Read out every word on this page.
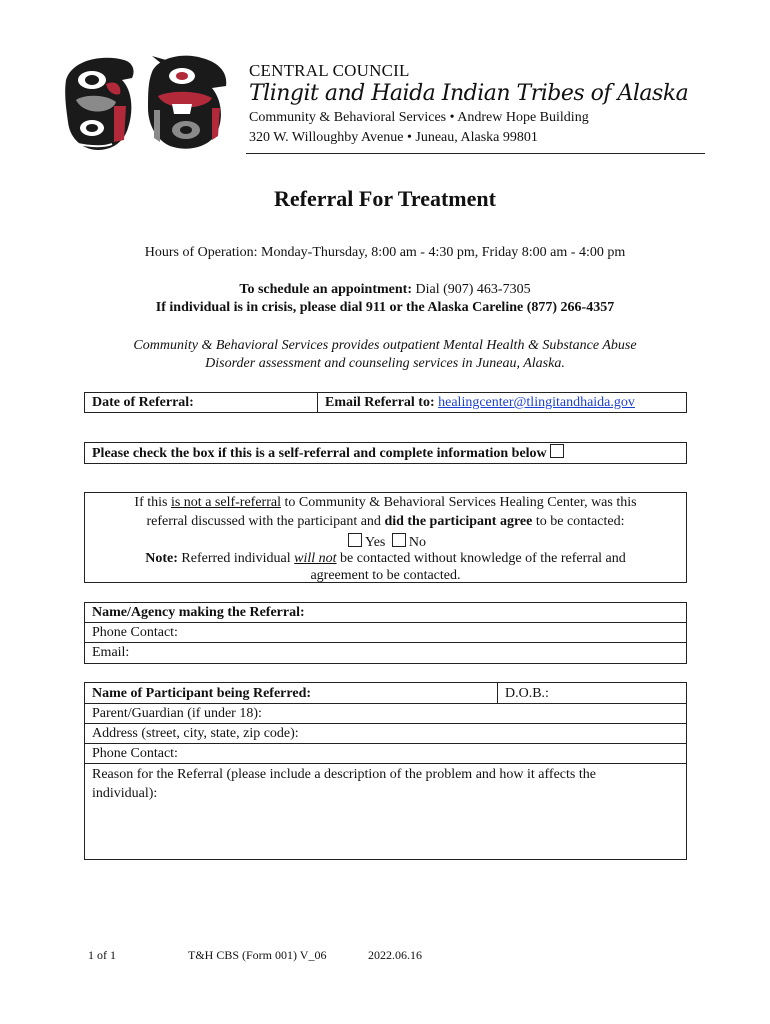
CENTRAL COUNCIL
Tlingit and Haida Indian Tribes of Alaska
Community & Behavioral Services • Andrew Hope Building
320 W. Willoughby Avenue • Juneau, Alaska 99801
Referral For Treatment
Hours of Operation: Monday-Thursday, 8:00 am - 4:30 pm, Friday 8:00 am - 4:00 pm
To schedule an appointment: Dial (907) 463-7305
If individual is in crisis, please dial 911 or the Alaska Careline (877) 266-4357
Community & Behavioral Services provides outpatient Mental Health & Substance Abuse
Disorder assessment and counseling services in Juneau, Alaska.
Date of Referral:	Email Referral to: healingcenter@tlingitandhaida.gov
Please check the box if this is a self-referral and complete information below
If this is not a self-referral to Community & Behavioral Services Healing Center, was this
referral discussed with the participant and did the participant agree to be contacted:
Yes No
Note: Referred individual will not be contacted without knowledge of the referral and
agreement to be contacted.
Name/Agency making the Referral:
Phone Contact:
Email:
Name of Participant being Referred:	D.O.B.:
Parent/Guardian (if under 18):
Address (street, city, state, zip code):
Phone Contact:
Reason for the Referral (please include a description of the problem and how it affects the
individual):
1 of 1	T&H CBS (Form 001) V_06	2022.06.16
